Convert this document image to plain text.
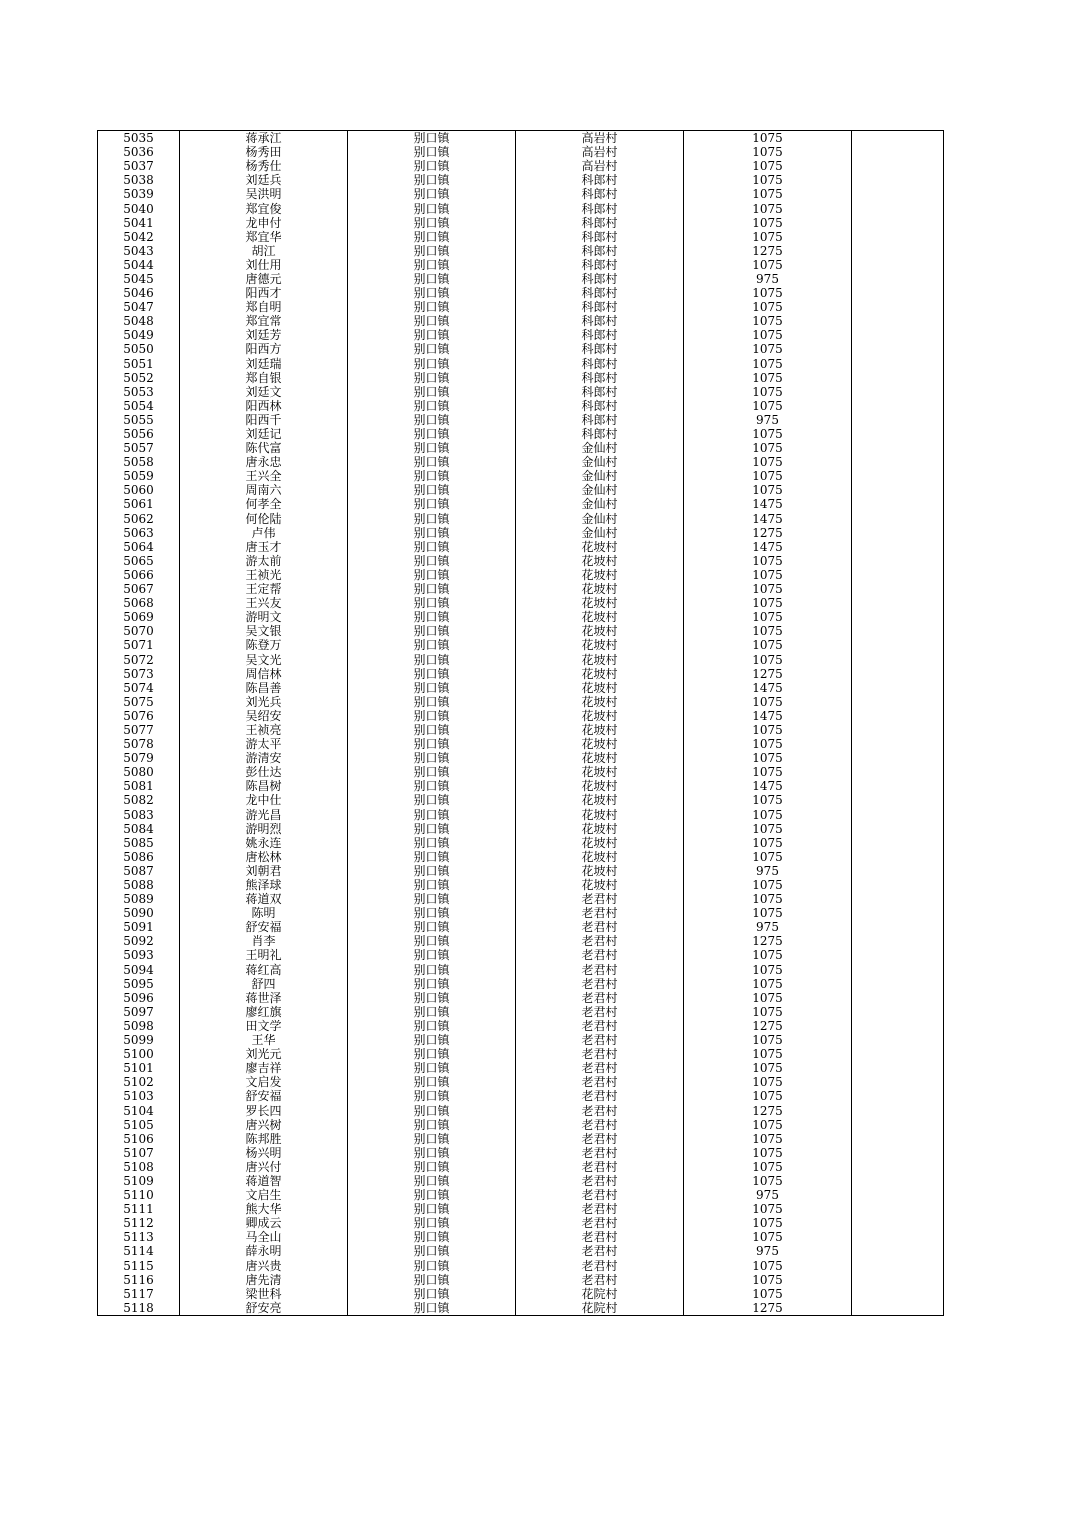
5035	蒋承江	别口镇	高岩村	1075	
5036	杨秀田	别口镇	高岩村	1075	
5037	杨秀仕	别口镇	高岩村	1075	
5038	刘廷兵	别口镇	科郎村	1075	
5039	吴洪明	别口镇	科郎村	1075	
5040	郑宜俊	别口镇	科郎村	1075	
5041	龙申付	别口镇	科郎村	1075	
5042	郑宜华	别口镇	科郎村	1075	
5043	胡江	别口镇	科郎村	1275	
5044	刘仕用	别口镇	科郎村	1075	
5045	唐德元	别口镇	科郎村	975	
5046	阳西才	别口镇	科郎村	1075	
5047	郑自明	别口镇	科郎村	1075	
5048	郑宜常	别口镇	科郎村	1075	
5049	刘廷芳	别口镇	科郎村	1075	
5050	阳西方	别口镇	科郎村	1075	
5051	刘廷瑞	别口镇	科郎村	1075	
5052	郑自银	别口镇	科郎村	1075	
5053	刘廷文	别口镇	科郎村	1075	
5054	阳西林	别口镇	科郎村	1075	
5055	阳西千	别口镇	科郎村	975	
5056	刘廷记	别口镇	科郎村	1075	
5057	陈代富	别口镇	金仙村	1075	
5058	唐永忠	别口镇	金仙村	1075	
5059	王兴全	别口镇	金仙村	1075	
5060	周南六	别口镇	金仙村	1075	
5061	何孝全	别口镇	金仙村	1475	
5062	何伦陆	别口镇	金仙村	1475	
5063	卢伟	别口镇	金仙村	1275	
5064	唐玉才	别口镇	花坡村	1475	
5065	游太前	别口镇	花坡村	1075	
5066	王祯光	别口镇	花坡村	1075	
5067	王定帮	别口镇	花坡村	1075	
5068	王兴友	别口镇	花坡村	1075	
5069	游明文	别口镇	花坡村	1075	
5070	吴文银	别口镇	花坡村	1075	
5071	陈登万	别口镇	花坡村	1075	
5072	吴文光	别口镇	花坡村	1075	
5073	周信林	别口镇	花坡村	1275	
5074	陈昌善	别口镇	花坡村	1475	
5075	刘光兵	别口镇	花坡村	1075	
5076	吴绍安	别口镇	花坡村	1475	
5077	王祯亮	别口镇	花坡村	1075	
5078	游太平	别口镇	花坡村	1075	
5079	游清安	别口镇	花坡村	1075	
5080	彭仕达	别口镇	花坡村	1075	
5081	陈昌树	别口镇	花坡村	1475	
5082	龙中仕	别口镇	花坡村	1075	
5083	游光昌	别口镇	花坡村	1075	
5084	游明烈	别口镇	花坡村	1075	
5085	姚永连	别口镇	花坡村	1075	
5086	唐松林	别口镇	花坡村	1075	
5087	刘朝君	别口镇	花坡村	975	
5088	熊泽球	别口镇	花坡村	1075	
5089	蒋道双	别口镇	老君村	1075	
5090	陈明	别口镇	老君村	1075	
5091	舒安福	别口镇	老君村	975	
5092	肖李	别口镇	老君村	1275	
5093	王明礼	别口镇	老君村	1075	
5094	蒋红高	别口镇	老君村	1075	
5095	舒四	别口镇	老君村	1075	
5096	蒋世泽	别口镇	老君村	1075	
5097	廖红旗	别口镇	老君村	1075	
5098	田文学	别口镇	老君村	1275	
5099	王华	别口镇	老君村	1075	
5100	刘光元	别口镇	老君村	1075	
5101	廖吉祥	别口镇	老君村	1075	
5102	文启发	别口镇	老君村	1075	
5103	舒安福	别口镇	老君村	1075	
5104	罗长四	别口镇	老君村	1275	
5105	唐兴树	别口镇	老君村	1075	
5106	陈邦胜	别口镇	老君村	1075	
5107	杨兴明	别口镇	老君村	1075	
5108	唐兴付	别口镇	老君村	1075	
5109	蒋道智	别口镇	老君村	1075	
5110	文启生	别口镇	老君村	975	
5111	熊大华	别口镇	老君村	1075	
5112	卿成云	别口镇	老君村	1075	
5113	马全山	别口镇	老君村	1075	
5114	薛永明	别口镇	老君村	975	
5115	唐兴贵	别口镇	老君村	1075	
5116	唐先清	别口镇	老君村	1075	
5117	梁世科	别口镇	花院村	1075	
5118	舒安亮	别口镇	花院村	1275	
